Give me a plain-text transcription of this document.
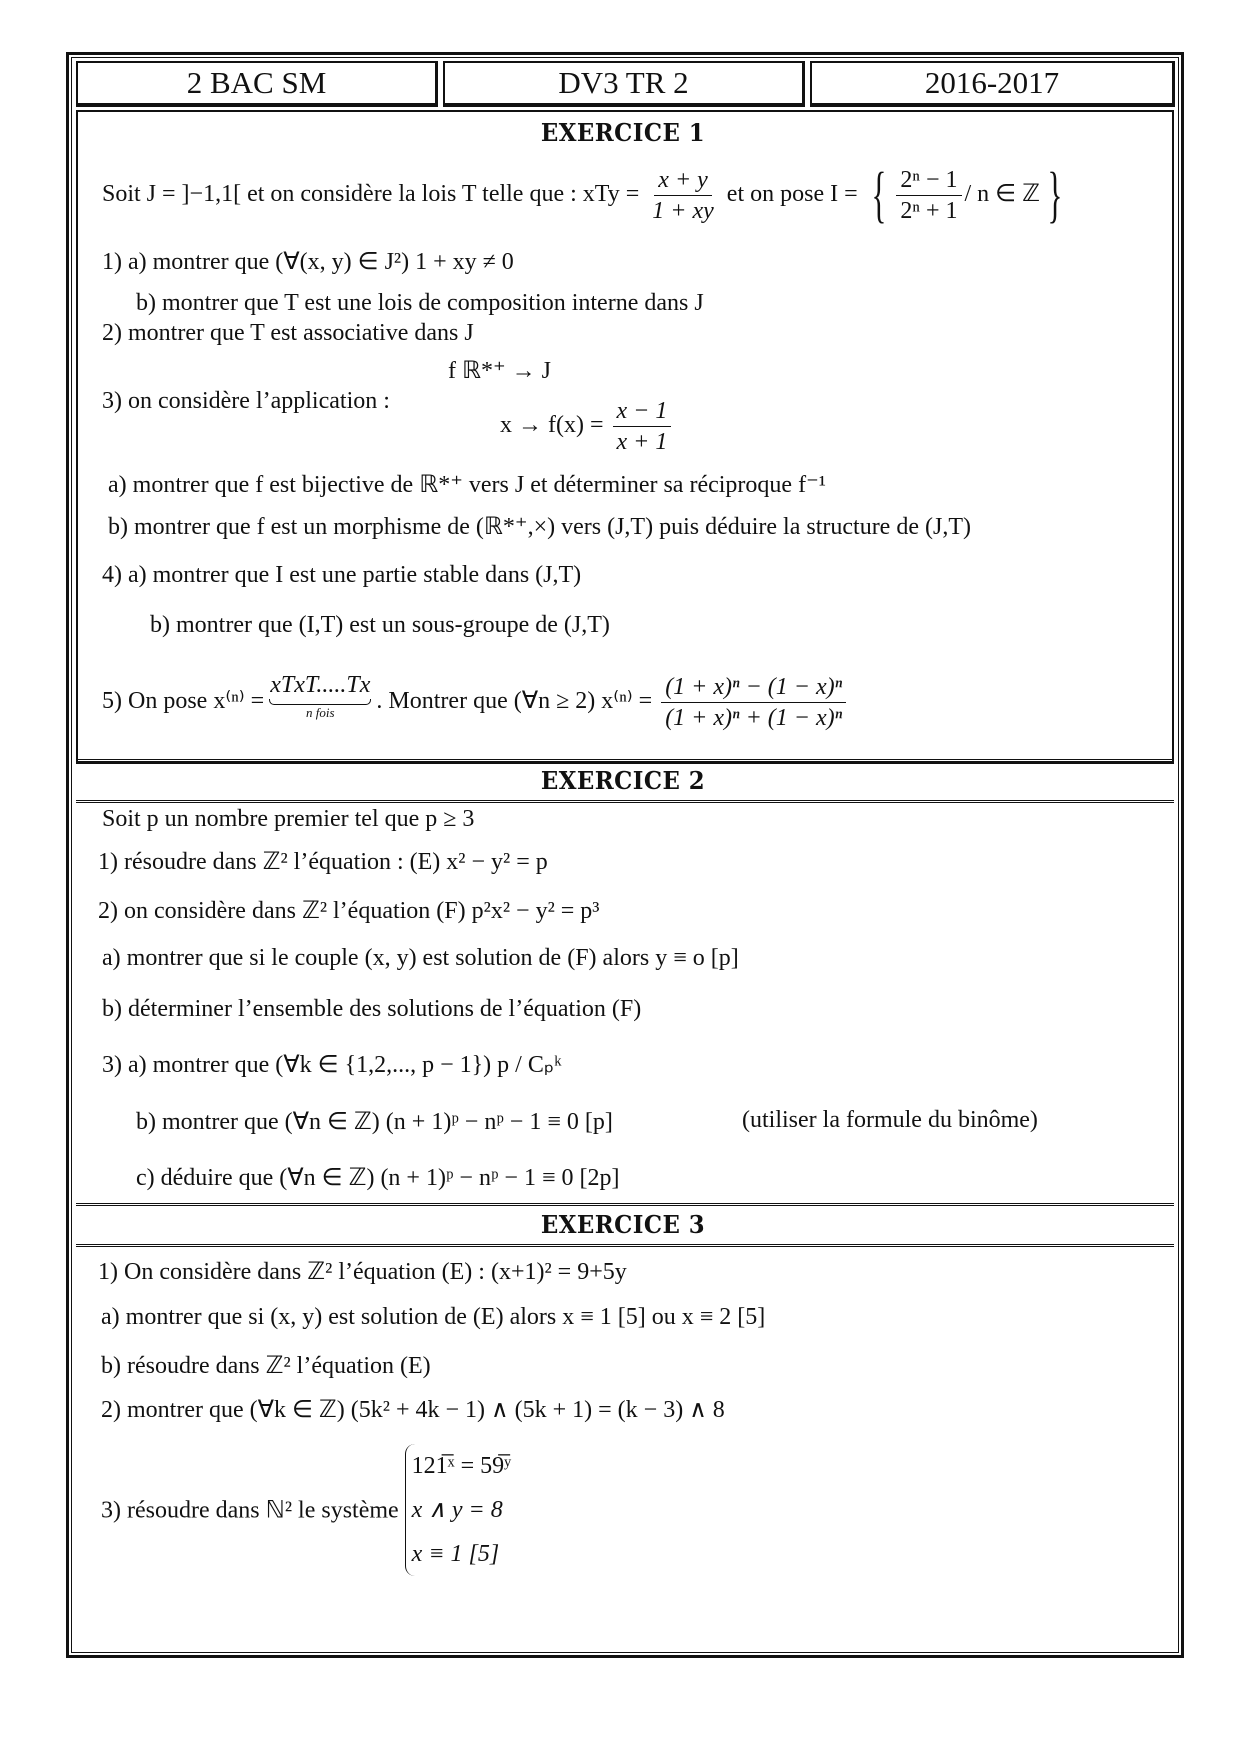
2 BAC SM	DV3 TR 2	2016-2017
EXERCICE 1
Soit J = ]−1,1[ et on considère la lois T telle que : xTy = $\frac{x + y}{1 + xy}$ et on pose I = { $\frac{\text{2ⁿ − 1}}{\text{2ⁿ + 1}}$ / n ∈ ℤ }
1) a) montrer que (∀(x, y) ∈ J²) 1 + xy ≠ 0
b) montrer que T est une lois de composition interne dans J
2) montrer que T est associative dans J
f ℝ*⁺ → J
3) on considère l’application :
$x \to f(x) = \frac{x - 1}{x + 1}$
a) montrer que f est bijective de ℝ*⁺ vers J et déterminer sa réciproque f⁻¹
b) montrer que f est un morphisme de (ℝ*⁺,×) vers (J,T) puis déduire la structure de (J,T)
4) a) montrer que I est une partie stable dans (J,T)
b) montrer que (I,T) est un sous-groupe de (J,T)
5) On pose x⁽ⁿ⁾ =
xTxT.....Tx
n fois . Montrer que (∀n ≥ 2) $x^{(n)} = \frac{\text{(1 + x)ⁿ − (1 − x)ⁿ}}{\text{(1 + x)ⁿ + (1 − x)ⁿ}}$
EXERCICE 2
Soit p un nombre premier tel que p ≥ 3
1) résoudre dans ℤ² l’équation : (E) x² − y² = p
2) on considère dans ℤ² l’équation (F) p²x² − y² = p³
a) montrer que si le couple (x, y) est solution de (F) alors y ≡ o [p]
b) déterminer l’ensemble des solutions de l’équation (F)
3) a) montrer que (∀k ∈ {1,2,..., p − 1}) p / Cₚᵏ
b) montrer que (∀n ∈ ℤ) (n + 1)ᵖ − nᵖ − 1 ≡ 0 [p]	(utiliser la formule du binôme)
c) déduire que (∀n ∈ ℤ) (n + 1)ᵖ − nᵖ − 1 ≡ 0 [2p]
EXERCICE 3
1) On considère dans ℤ² l’équation (E) : (x+1)² = 9+5y
a) montrer que si (x, y) est solution de (E) alors x ≡ 1 [5] ou x ≡ 2 [5]
b) résoudre dans ℤ² l’équation (E)
2) montrer que (∀k ∈ ℤ) (5k² + 4k − 1) ∧ (5k + 1) = (k − 3) ∧ 8
3) résoudre dans ℕ² le système
121̅ˣ = 59̅ʸ
x ∧ y = 8
x ≡ 1 [5]
